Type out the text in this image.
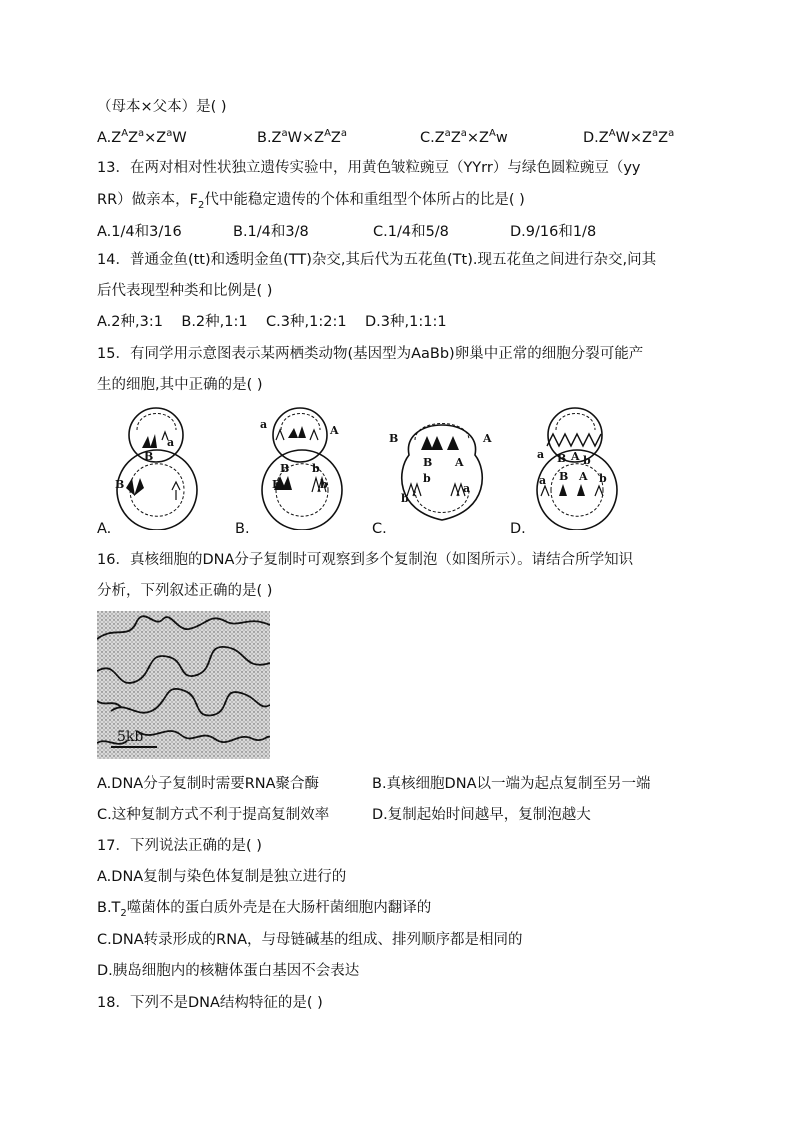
（母本×父本）是( )
$A.Z^AZ^a\times Z^aW$	$B.Z^aW\times Z^AZ^a$	$C.Z^aZ^a\times Z^Aw$	$D.Z^AW\times Z^aZ^a$
13．在两对相对性状独立遗传实验中，用黄色皱粒豌豆（YYrr）与绿色圆粒豌豆（yy
RR）做亲本，$F_2$代中能稳定遗传的个体和重组型个体所占的比是( )
A.1/4和3/16	B.1/4和3/8	C.1/4和5/8	D.9/16和1/8
14．普通金鱼(tt)和透明金鱼(TT)杂交,其后代为五花鱼(Tt).现五花鱼之间进行杂交,问其
后代表现型种类和比例是( )
A.2种,3:1    B.2种,1:1    C.3种,1:2:1    D.3种,1:1:1
15．有同学用示意图表示某两栖类动物(基因型为AaBb)卵巢中正常的细胞分裂可能产
生的细胞,其中正确的是( )
B
a
B
A.
a	A
B
B
b
b
B.
B	A
B A
b
b
a
C.
a B A b
a B A b
D.
16．真核细胞的DNA分子复制时可观察到多个复制泡（如图所示）。请结合所学知识
分析，下列叙述正确的是( )
5kb
A.DNA分子复制时需要RNA聚合酶	B.真核细胞DNA以一端为起点复制至另一端
C.这种复制方式不利于提高复制效率	D.复制起始时间越早，复制泡越大
17．下列说法正确的是( )
A.DNA复制与染色体复制是独立进行的
$B.T_2$噬菌体的蛋白质外壳是在大肠杆菌细胞内翻译的
C.DNA转录形成的RNA，与母链碱基的组成、排列顺序都是相同的
D.胰岛细胞内的核糖体蛋白基因不会表达
18．下列不是DNA结构特征的是( )
